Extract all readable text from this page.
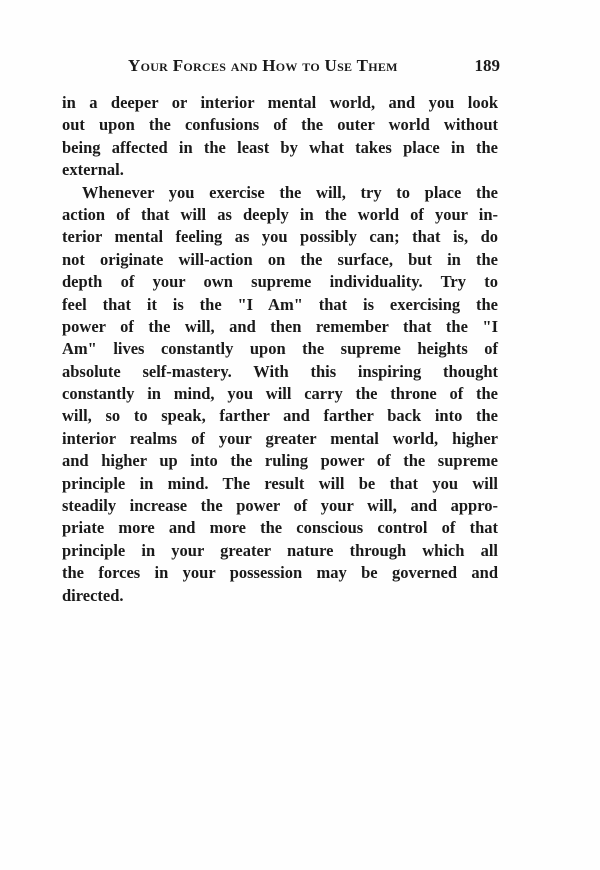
Your Forces and How to Use Them	189
in a deeper or interior mental world, and you look
out upon the confusions of the outer world without
being affected in the least by what takes place in the
external.
Whenever you exercise the will, try to place the
action of that will as deeply in the world of your in-
terior mental feeling as you possibly can; that is, do
not originate will-action on the surface, but in the
depth of your own supreme individuality. Try to
feel that it is the "I Am" that is exercising the
power of the will, and then remember that the "I
Am" lives constantly upon the supreme heights of
absolute self-mastery. With this inspiring thought
constantly in mind, you will carry the throne of the
will, so to speak, farther and farther back into the
interior realms of your greater mental world, higher
and higher up into the ruling power of the supreme
principle in mind. The result will be that you will
steadily increase the power of your will, and appro-
priate more and more the conscious control of that
principle in your greater nature through which all
the forces in your possession may be governed and
directed.
